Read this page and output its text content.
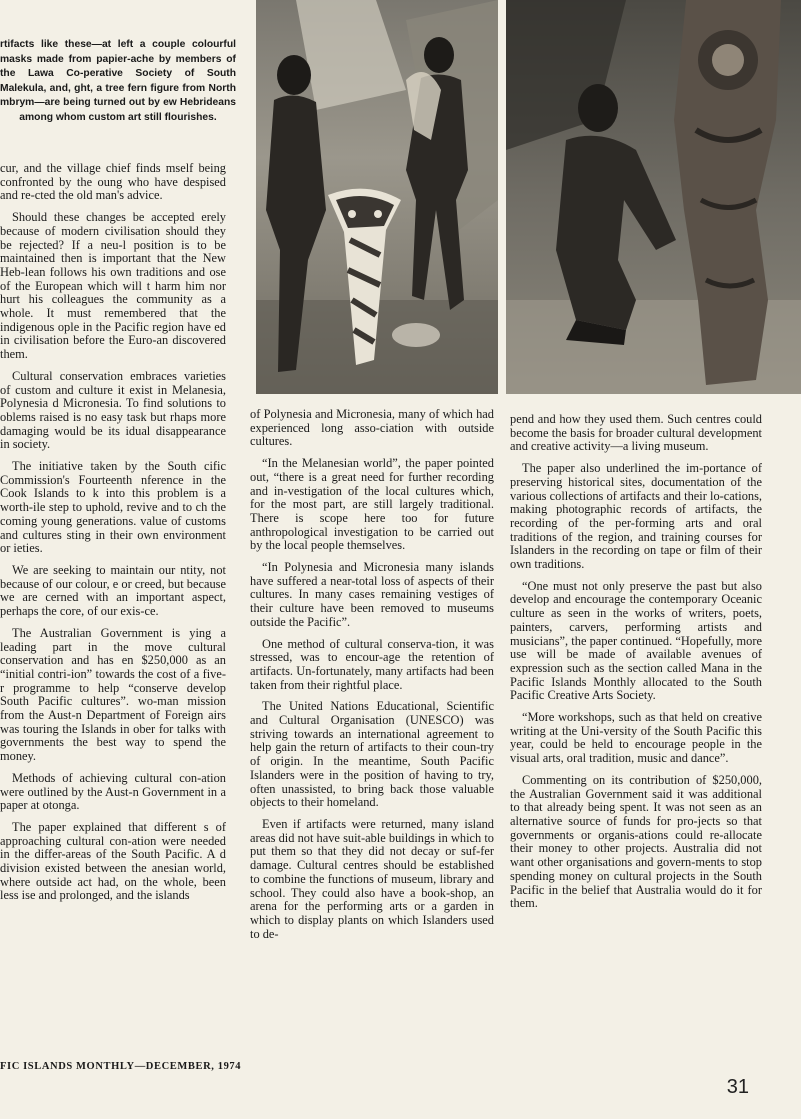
rtifacts like these—at left a couple colourful masks made from papier-ache by members of the Lawa Co-perative Society of South Malekula, and, ght, a tree fern figure from North mbrym—are being turned out by ew Hebrideans among whom custom art still flourishes.

cur, and the village chief finds mself being confronted by the oung who have despised and re-cted the old man's advice.

Should these changes be accepted erely because of modern civilisation should they be rejected? If a neu-l position is to be maintained then is important that the New Heb-lean follows his own traditions and ose of the European which will t harm him nor hurt his colleagues the community as a whole. It must remembered that the indigenous ople in the Pacific region have ed in civilisation before the Euro-an discovered them.

Cultural conservation embraces varieties of custom and culture it exist in Melanesia, Polynesia d Micronesia. To find solutions to oblems raised is no easy task but rhaps more damaging would be its idual disappearance in society.

The initiative taken by the South cific Commission's Fourteenth nference in the Cook Islands to k into this problem is a worth-ile step to uphold, revive and to ch the coming young generations. value of customs and cultures sting in their own environment or ieties.

We are seeking to maintain our ntity, not because of our colour, e or creed, but because we are cerned with an important aspect, perhaps the core, of our exis-ce.

The Australian Government is ying a leading part in the move cultural conservation and has en $250,000 as an “initial contri-ion” towards the cost of a five-r programme to help “conserve develop South Pacific cultures”. wo-man mission from the Aust-n Department of Foreign airs was touring the Islands in ober for talks with governments the best way to spend the money.

Methods of achieving cultural con-ation were outlined by the Aust-n Government in a paper at otonga.

The paper explained that different s of approaching cultural con-ation were needed in the differ-areas of the South Pacific. A d division existed between the anesian world, where outside act had, on the whole, been less ise and prolonged, and the islands

of Polynesia and Micronesia, many of which had experienced long asso-ciation with outside cultures.

“In the Melanesian world”, the paper pointed out, “there is a great need for further recording and in-vestigation of the local cultures which, for the most part, are still largely traditional. There is scope here too for future anthropological investigation to be carried out by the local people themselves.

“In Polynesia and Micronesia many islands have suffered a near-total loss of aspects of their cultures. In many cases remaining vestiges of their culture have been removed to museums outside the Pacific”.

One method of cultural conserva-tion, it was stressed, was to encour-age the retention of artifacts. Un-fortunately, many artifacts had been taken from their rightful place.

The United Nations Educational, Scientific and Cultural Organisation (UNESCO) was striving towards an international agreement to help gain the return of artifacts to their coun-try of origin. In the meantime, South Pacific Islanders were in the position of having to try, often unassisted, to bring back those valuable objects to their homeland.

Even if artifacts were returned, many island areas did not have suit-able buildings in which to put them so that they did not decay or suf-fer damage. Cultural centres should be established to combine the functions of museum, library and school. They could also have a book-shop, an arena for the performing arts or a garden in which to display plants on which Islanders used to de-

pend and how they used them. Such centres could become the basis for broader cultural development and creative activity—a living museum.

The paper also underlined the im-portance of preserving historical sites, documentation of the various collections of artifacts and their lo-cations, making photographic records of artifacts, the recording of the per-forming arts and oral traditions of the region, and training courses for Islanders in the recording on tape or film of their own traditions.

“One must not only preserve the past but also develop and encourage the contemporary Oceanic culture as seen in the works of writers, poets, painters, carvers, performing artists and musicians”, the paper continued. “Hopefully, more use will be made of available avenues of expression such as the section called Mana in the Pacific Islands Monthly allocated to the South Pacific Creative Arts Society.

“More workshops, such as that held on creative writing at the Uni-versity of the South Pacific this year, could be held to encourage people in the visual arts, oral tradition, music and dance”.

Commenting on its contribution of $250,000, the Australian Government said it was additional to that already being spent. It was not seen as an alternative source of funds for pro-jects so that governments or organis-ations could re-allocate their money to other projects. Australia did not want other organisations and govern-ments to stop spending money on cultural projects in the South Pacific in the belief that Australia would do it for them.

FIC ISLANDS MONTHLY—DECEMBER, 1974
31
